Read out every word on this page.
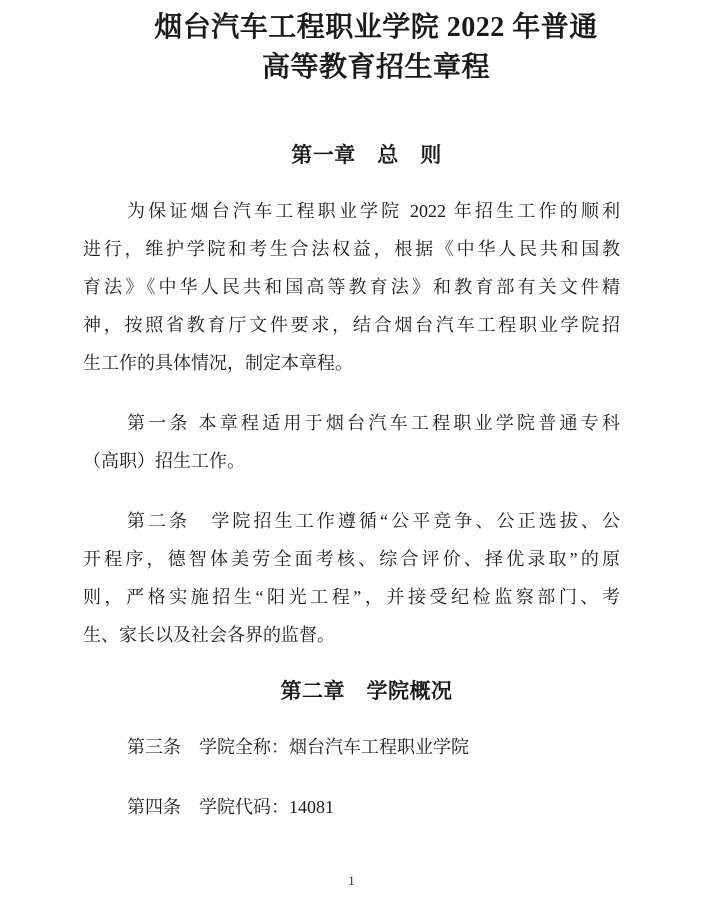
烟台汽车工程职业学院 2022 年普通
高等教育招生章程
第一章　总　则
为保证烟台汽车工程职业学院 2022 年招生工作的顺利
进行，维护学院和考生合法权益，根据《中华人民共和国教
育法》《中华人民共和国高等教育法》和教育部有关文件精
神，按照省教育厅文件要求，结合烟台汽车工程职业学院招
生工作的具体情况，制定本章程。
第一条 本章程适用于烟台汽车工程职业学院普通专科
（高职）招生工作。
第二条　学院招生工作遵循“公平竞争、公正选拔、公
开程序，德智体美劳全面考核、综合评价、择优录取”的原
则，严格实施招生“阳光工程”，并接受纪检监察部门、考
生、家长以及社会各界的监督。
第二章　学院概况
第三条　学院全称：烟台汽车工程职业学院
第四条　学院代码：14081
1
